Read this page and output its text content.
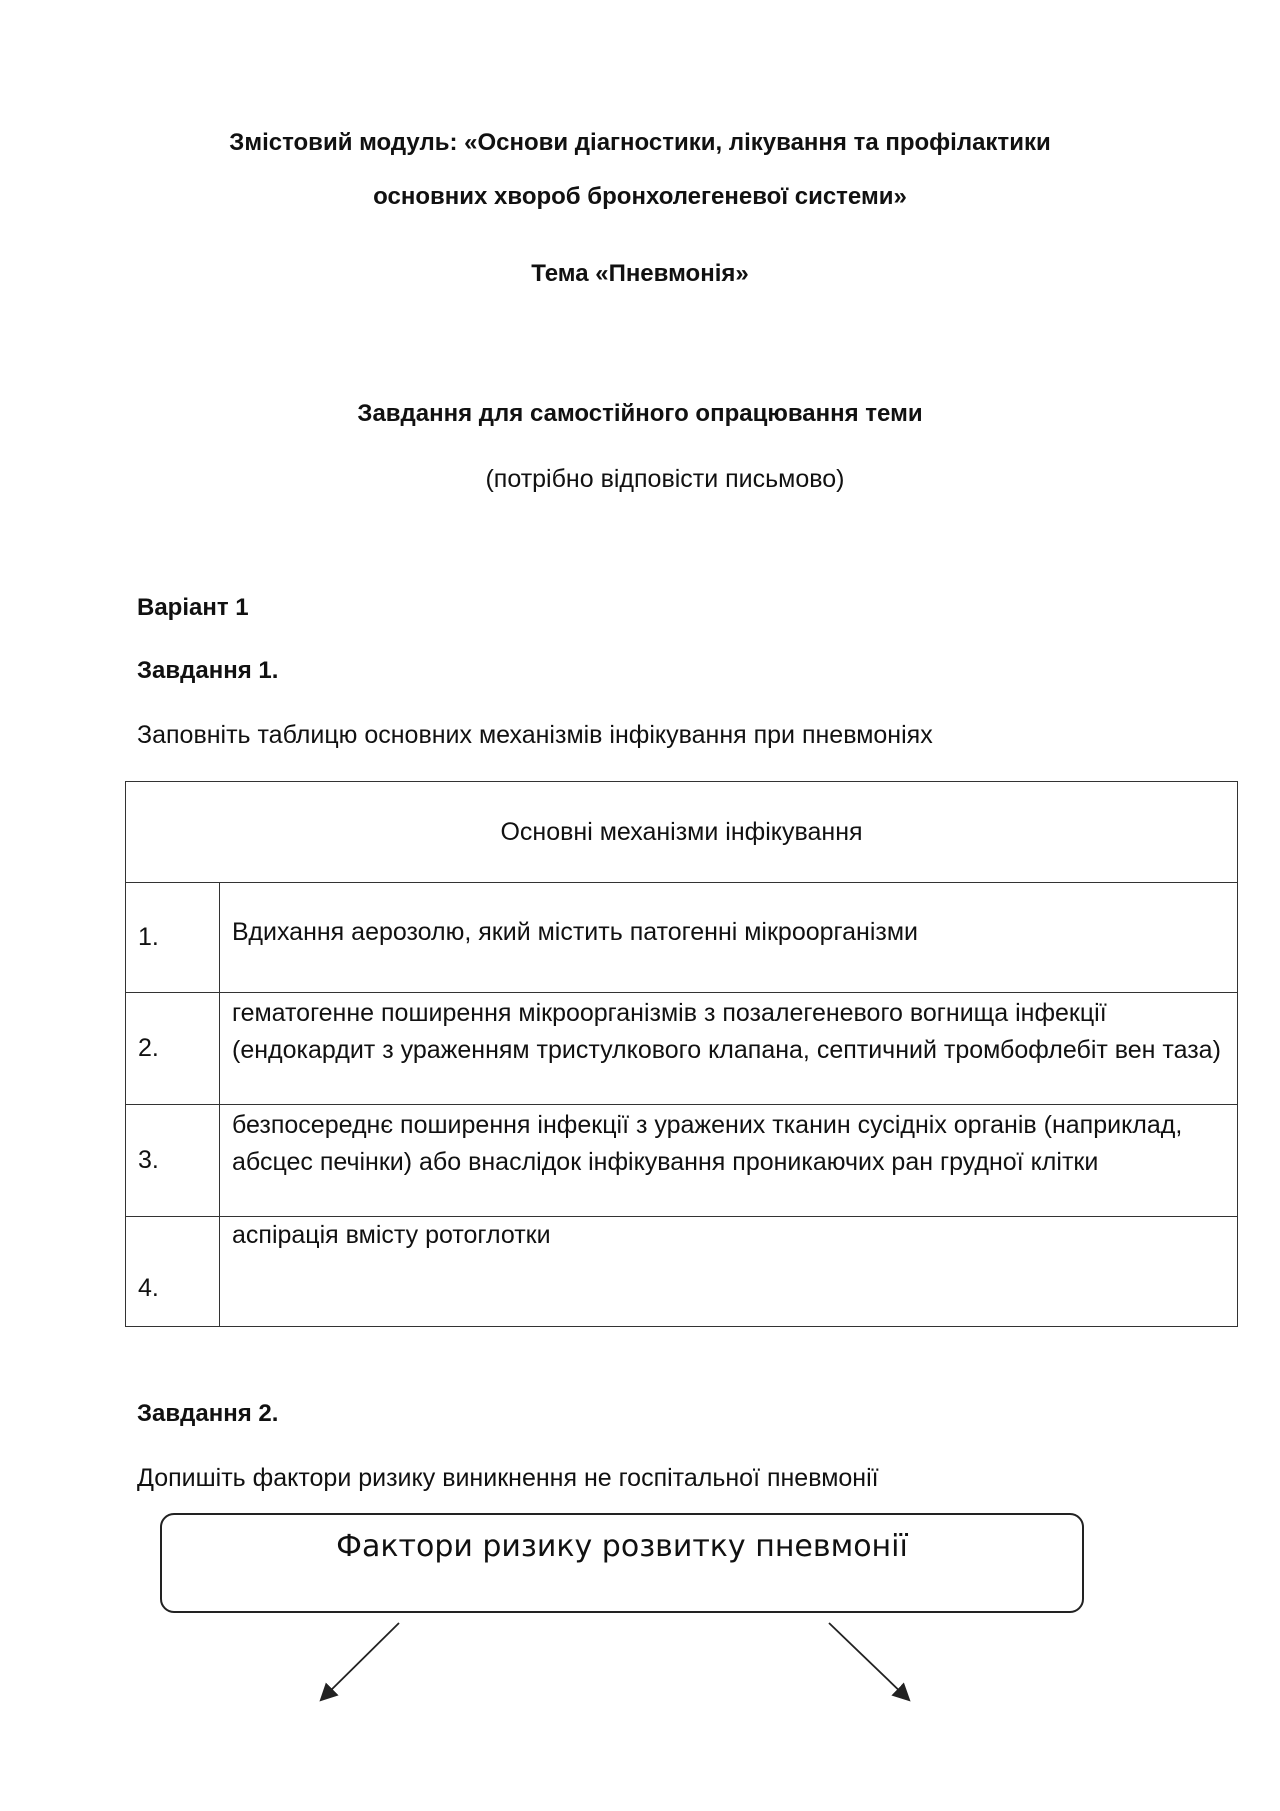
Змістовий модуль: «Основи діагностики, лікування та профілактики
основних хвороб бронхолегеневої системи»
Тема «Пневмонія»
Завдання для самостійного опрацювання теми
(потрібно відповісти письмово)
Варіант 1
Завдання 1.
Заповніть таблицю основних механізмів інфікування при пневмоніях
Основні механізми інфікування	
1.	Вдихання аерозолю, який містить патогенні мікроорганізми
2.	гематогенне поширення мікроорганізмів з позалегеневого вогнища інфекції (ендокардит з ураженням тристулкового клапана, септичний тромбофлебіт вен таза)
3.	безпосереднє поширення інфекції з уражених тканин сусідніх органів (наприклад, абсцес печінки) або внаслідок інфікування проникаючих ран грудної клітки
4.	аспірація вмісту ротоглотки
Завдання 2.
Допишіть фактори ризику виникнення не госпітальної пневмонії
Фактори ризику розвитку пневмонії
